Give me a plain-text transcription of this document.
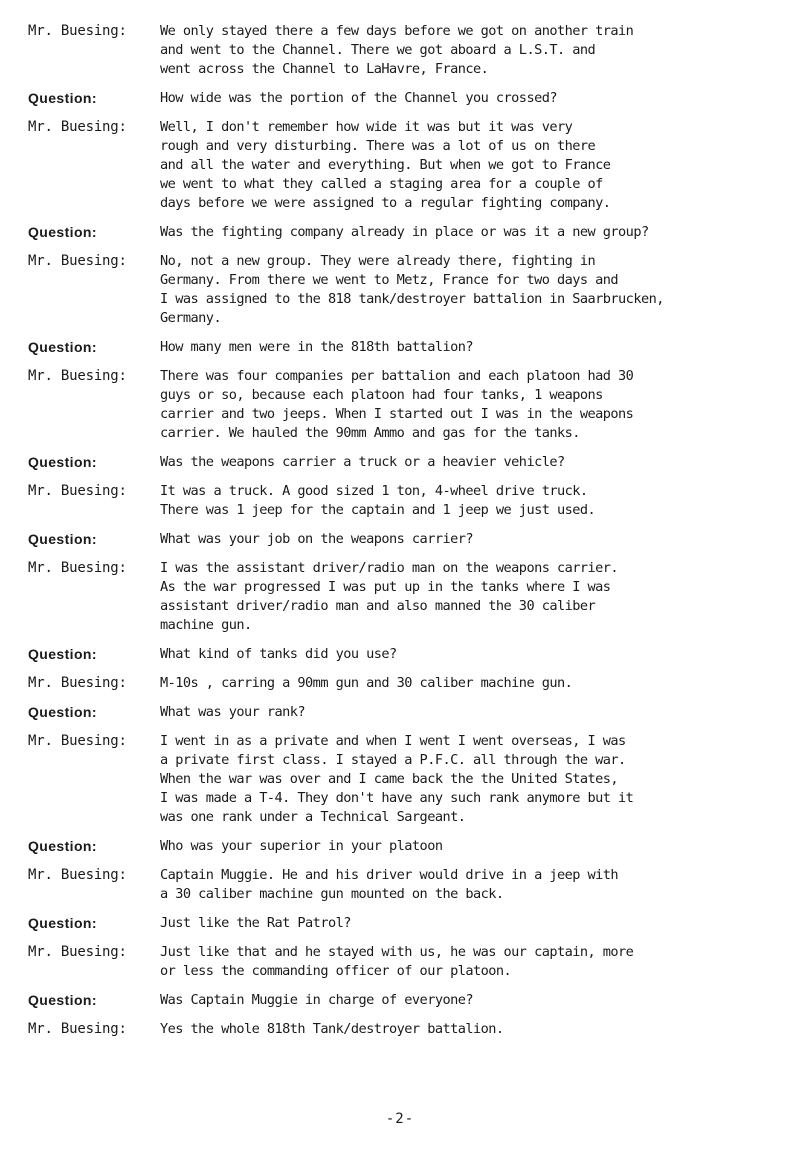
Mr. Buesing:	We only stayed there a few days before we got on another train
and went to the Channel. There we got aboard a L.S.T. and
went across the Channel to LaHavre, France.
Question:	How wide was the portion of the Channel you crossed?
Mr. Buesing:	Well, I don't remember how wide it was but it was very
rough and very disturbing. There was a lot of us on there
and all the water and everything. But when we got to France
we went to what they called a staging area for a couple of
days before we were assigned to a regular fighting company.
Question:	Was the fighting company already in place or was it a new group?
Mr. Buesing:	No, not a new group. They were already there, fighting in
Germany. From there we went to Metz, France for two days and
I was assigned to the 818 tank/destroyer battalion in Saarbrucken,
Germany.
Question:	How many men were in the 818th battalion?
Mr. Buesing:	There was four companies per battalion and each platoon had 30
guys or so, because each platoon had four tanks, 1 weapons
carrier and two jeeps. When I started out I was in the weapons
carrier. We hauled the 90mm Ammo and gas for the tanks.
Question:	Was the weapons carrier a truck or a heavier vehicle?
Mr. Buesing:	It was a truck. A good sized 1 ton, 4-wheel drive truck.
There was 1 jeep for the captain and 1 jeep we just used.
Question:	What was your job on the weapons carrier?
Mr. Buesing:	I was the assistant driver/radio man on the weapons carrier.
As the war progressed I was put up in the tanks where I was
assistant driver/radio man and also manned the 30 caliber
machine gun.
Question:	What kind of tanks did you use?
Mr. Buesing:	M-10s , carring a 90mm gun and 30 caliber machine gun.
Question:	What was your rank?
Mr. Buesing:	I went in as a private and when I went I went overseas, I was
a private first class. I stayed a P.F.C. all through the war.
When the war was over and I came back the the United States,
I was made a T-4. They don't have any such rank anymore but it
was one rank under a Technical Sargeant.
Question:	Who was your superior in your platoon
Mr. Buesing:	Captain Muggie. He and his driver would drive in a jeep with
a 30 caliber machine gun mounted on the back.
Question:	Just like the Rat Patrol?
Mr. Buesing:	Just like that and he stayed with us, he was our captain, more
or less the commanding officer of our platoon.
Question:	Was Captain Muggie in charge of everyone?
Mr. Buesing:	Yes the whole 818th Tank/destroyer battalion.
-2-
